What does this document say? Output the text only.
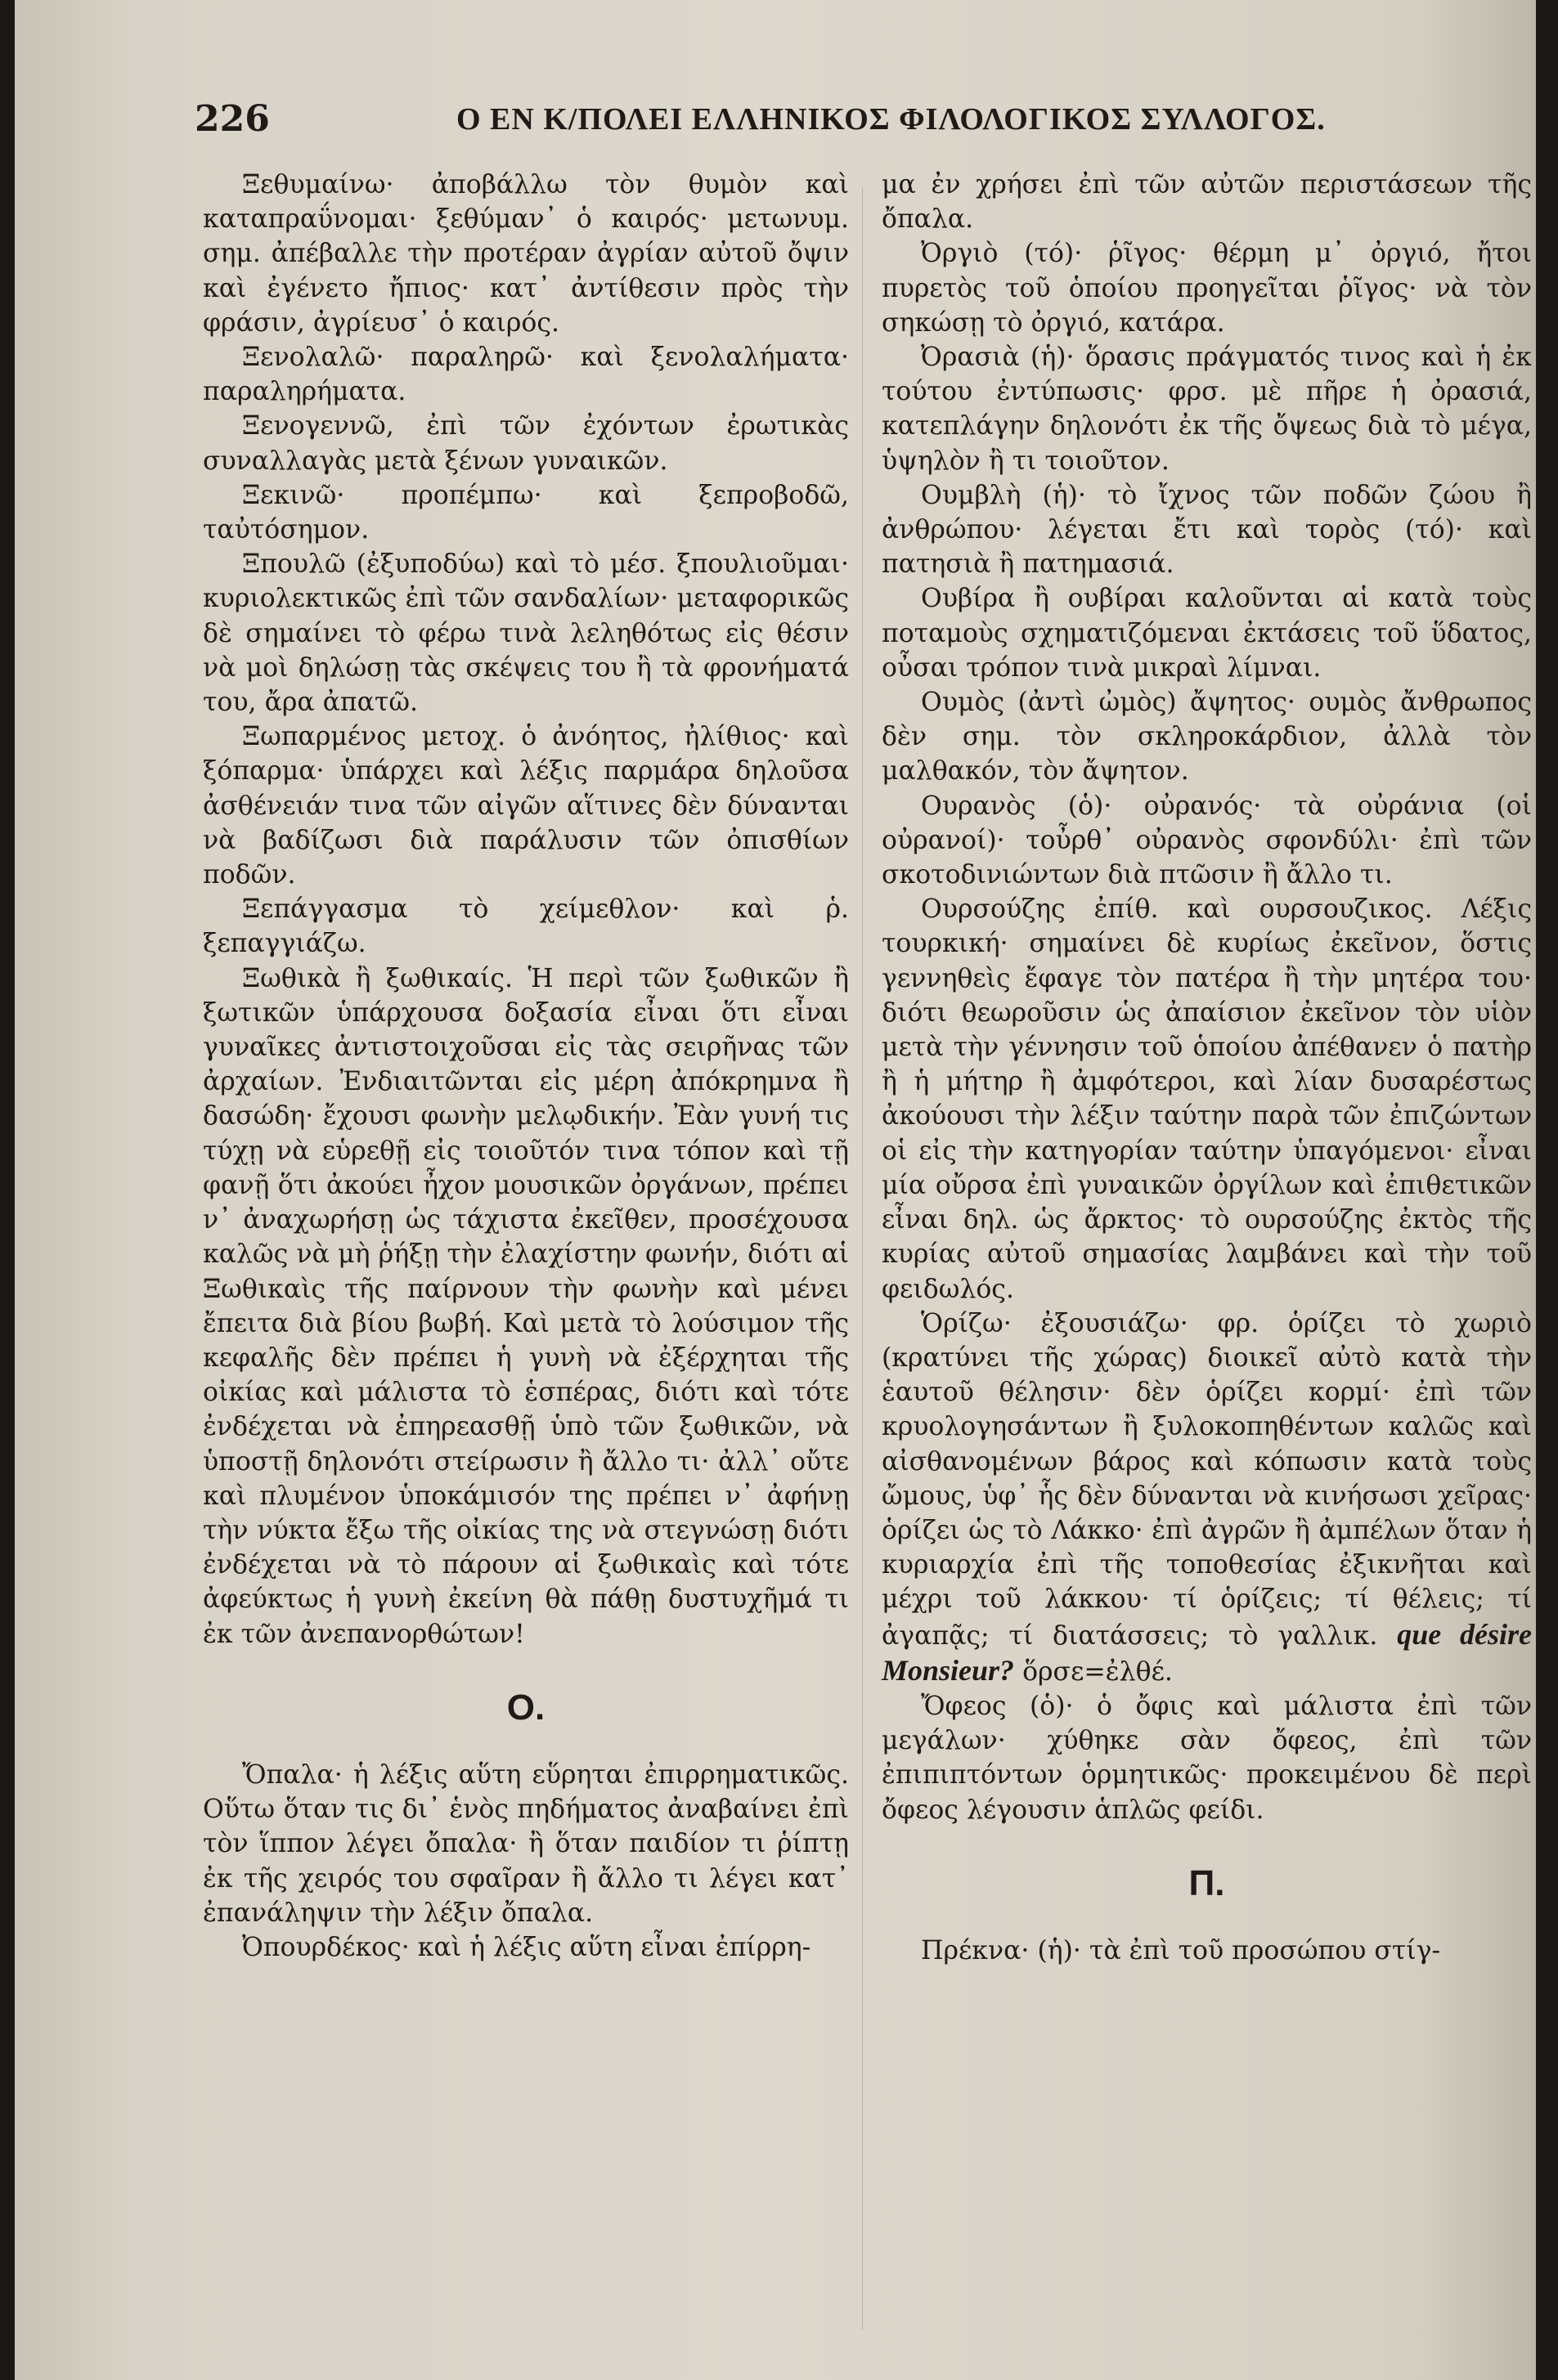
226	Ο ΕΝ Κ/ΠΟΛΕΙ ΕΛΛΗΝΙΚΟΣ ΦΙΛΟΛΟΓΙΚΟΣ ΣΥΛΛΟΓΟΣ.

Ξεθυμαίνω· ἀποβάλλω τὸν θυμὸν καὶ καταπραΰνομαι· ξεθύμαν᾽ ὁ καιρός· μετωνυμ. σημ. ἀπέβαλλε τὴν προτέραν ἀγρίαν αὐτοῦ ὄψιν καὶ ἐγένετο ἤπιος· κατ᾽ ἀντίθεσιν πρὸς τὴν φράσιν, ἀγρίευσ᾽ ὁ καιρός.

Ξενολαλῶ· παραληρῶ· καὶ ξενολαλήματα· παραληρήματα.

Ξενογεννῶ, ἐπὶ τῶν ἐχόντων ἐρωτικὰς συναλλαγὰς μετὰ ξένων γυναικῶν.

Ξεκινῶ· προπέμπω· καὶ ξεπροβοδῶ, ταὐτόσημον.

Ξπουλῶ (ἐξυποδύω) καὶ τὸ μέσ. ξπουλιοῦμαι· κυριολεκτικῶς ἐπὶ τῶν σανδαλίων· μεταφορικῶς δὲ σημαίνει τὸ φέρω τινὰ λεληθότως εἰς θέσιν νὰ μοὶ δηλώσῃ τὰς σκέψεις του ἢ τὰ φρονήματά του, ἄρα ἀπατῶ.

Ξωπαρμένος μετοχ. ὁ ἀνόητος, ἠλίθιος· καὶ ξόπαρμα· ὑπάρχει καὶ λέξις παρμάρα δηλοῦσα ἀσθένειάν τινα τῶν αἰγῶν αἵτινες δὲν δύνανται νὰ βαδίζωσι διὰ παράλυσιν τῶν ὀπισθίων ποδῶν.

Ξεπάγγασμα τὸ χείμεθλον· καὶ ῥ. ξεπαγγιάζω.

Ξωθικὰ ἢ ξωθικαίς. Ἡ περὶ τῶν ξωθικῶν ἢ ξωτικῶν ὑπάρχουσα δοξασία εἶναι ὅτι εἶναι γυναῖκες ἀντιστοιχοῦσαι εἰς τὰς σειρῆνας τῶν ἀρχαίων. Ἐνδιαιτῶνται εἰς μέρη ἀπόκρημνα ἢ δασώδη· ἔχουσι φωνὴν μελῳδικήν. Ἐὰν γυνή τις τύχῃ νὰ εὑρεθῇ εἰς τοιοῦτόν τινα τόπον καὶ τῇ φανῇ ὅτι ἀκούει ἦχον μουσικῶν ὀργάνων, πρέπει ν᾽ ἀναχωρήσῃ ὡς τάχιστα ἐκεῖθεν, προσέχουσα καλῶς νὰ μὴ ῥήξῃ τὴν ἐλαχίστην φωνήν, διότι αἱ Ξωθικαὶς τῆς παίρνουν τὴν φωνὴν καὶ μένει ἔπειτα διὰ βίου βωβή. Καὶ μετὰ τὸ λούσιμον τῆς κεφαλῆς δὲν πρέπει ἡ γυνὴ νὰ ἐξέρχηται τῆς οἰκίας καὶ μάλιστα τὸ ἑσπέρας, διότι καὶ τότε ἐνδέχεται νὰ ἐπηρεασθῇ ὑπὸ τῶν ξωθικῶν, νὰ ὑποστῇ δηλονότι στείρωσιν ἢ ἄλλο τι· ἀλλ᾽ οὔτε καὶ πλυμένον ὑποκάμισόν της πρέπει ν᾽ ἀφήνῃ τὴν νύκτα ἔξω τῆς οἰκίας της νὰ στεγνώσῃ διότι ἐνδέχεται νὰ τὸ πάρουν αἱ ξωθικαὶς καὶ τότε ἀφεύκτως ἡ γυνὴ ἐκείνη θὰ πάθῃ δυστυχῆμά τι ἐκ τῶν ἀνεπανορθώτων!

Ο.

Ὄπαλα· ἡ λέξις αὕτη εὕρηται ἐπιρρηματικῶς. Οὕτω ὅταν τις δι᾽ ἑνὸς πηδήματος ἀναβαίνει ἐπὶ τὸν ἵππον λέγει ὄπαλα· ἢ ὅταν παιδίον τι ῥίπτῃ ἐκ τῆς χειρός του σφαῖραν ἢ ἄλλο τι λέγει κατ᾽ ἐπανάληψιν τὴν λέξιν ὄπαλα.

Ὀπουρδέκος· καὶ ἡ λέξις αὕτη εἶναι ἐπίρρη-

μα ἐν χρήσει ἐπὶ τῶν αὐτῶν περιστάσεων τῆς ὄπαλα.

Ὀργιὸ (τό)· ῥῖγος· θέρμη μ᾽ ὀργιό, ἤτοι πυρετὸς τοῦ ὁποίου προηγεῖται ῥῖγος· νὰ τὸν σηκώσῃ τὸ ὀργιό, κατάρα.

Ὀρασιὰ (ἡ)· ὅρασις πράγματός τινος καὶ ἡ ἐκ τούτου ἐντύπωσις· φρσ. μὲ πῆρε ἡ ὀρασιά, κατεπλάγην δηλονότι ἐκ τῆς ὄψεως διὰ τὸ μέγα, ὑψηλὸν ἢ τι τοιοῦτον.

Ουμβλὴ (ἡ)· τὸ ἴχνος τῶν ποδῶν ζώου ἢ ἀνθρώπου· λέγεται ἔτι καὶ τορὸς (τό)· καὶ πατησιὰ ἢ πατημασιά.

Ουβίρα ἢ ουβίραι καλοῦνται αἱ κατὰ τοὺς ποταμοὺς σχηματιζόμεναι ἐκτάσεις τοῦ ὕδατος, οὖσαι τρόπον τινὰ μικραὶ λίμναι.

Ουμὸς (ἀντὶ ὠμὸς) ἄψητος· ουμὸς ἄνθρωπος δὲν σημ. τὸν σκληροκάρδιον, ἀλλὰ τὸν μαλθακόν, τὸν ἄψητον.

Ουρανὸς (ὁ)· οὐρανός· τὰ οὐράνια (οἱ οὐρανοί)· τοὖρθ᾽ οὐρανὸς σφονδύλι· ἐπὶ τῶν σκοτοδινιώντων διὰ πτῶσιν ἢ ἄλλο τι.

Ουρσούζης ἐπίθ. καὶ ουρσουζικος. Λέξις τουρκική· σημαίνει δὲ κυρίως ἐκεῖνον, ὅστις γεννηθεὶς ἔφαγε τὸν πατέρα ἢ τὴν μητέρα του· διότι θεωροῦσιν ὡς ἀπαίσιον ἐκεῖνον τὸν υἱὸν μετὰ τὴν γέννησιν τοῦ ὁποίου ἀπέθανεν ὁ πατὴρ ἢ ἡ μήτηρ ἢ ἀμφότεροι, καὶ λίαν δυσαρέστως ἀκούουσι τὴν λέξιν ταύτην παρὰ τῶν ἐπιζώντων οἱ εἰς τὴν κατηγορίαν ταύτην ὑπαγόμενοι· εἶναι μία οὔρσα ἐπὶ γυναικῶν ὀργίλων καὶ ἐπιθετικῶν εἶναι δηλ. ὡς ἄρκτος· τὸ ουρσούζης ἐκτὸς τῆς κυρίας αὐτοῦ σημασίας λαμβάνει καὶ τὴν τοῦ φειδωλός.

Ὁρίζω· ἐξουσιάζω· φρ. ὁρίζει τὸ χωριὸ (κρατύνει τῆς χώρας) διοικεῖ αὐτὸ κατὰ τὴν ἑαυτοῦ θέλησιν· δὲν ὁρίζει κορμί· ἐπὶ τῶν κρυολογησάντων ἢ ξυλοκοπηθέντων καλῶς καὶ αἰσθανομένων βάρος καὶ κόπωσιν κατὰ τοὺς ὤμους, ὑφ᾽ ἧς δὲν δύνανται νὰ κινήσωσι χεῖρας· ὁρίζει ὡς τὸ Λάκκο· ἐπὶ ἀγρῶν ἢ ἀμπέλων ὅταν ἡ κυριαρχία ἐπὶ τῆς τοποθεσίας ἐξικνῆται καὶ μέχρι τοῦ λάκκου· τί ὁρίζεις; τί θέλεις; τί ἀγαπᾷς; τί διατάσσεις; τὸ γαλλικ. que désire Monsieur? ὅρσε=ἐλθέ.

Ὄφεος (ὁ)· ὁ ὄφις καὶ μάλιστα ἐπὶ τῶν μεγάλων· χύθηκε σὰν ὄφεος, ἐπὶ τῶν ἐπιπιπτόντων ὁρμητικῶς· προκειμένου δὲ περὶ ὄφεος λέγουσιν ἁπλῶς φείδι.

Π.

Πρέκνα· (ἡ)· τὰ ἐπὶ τοῦ προσώπου στίγ-
